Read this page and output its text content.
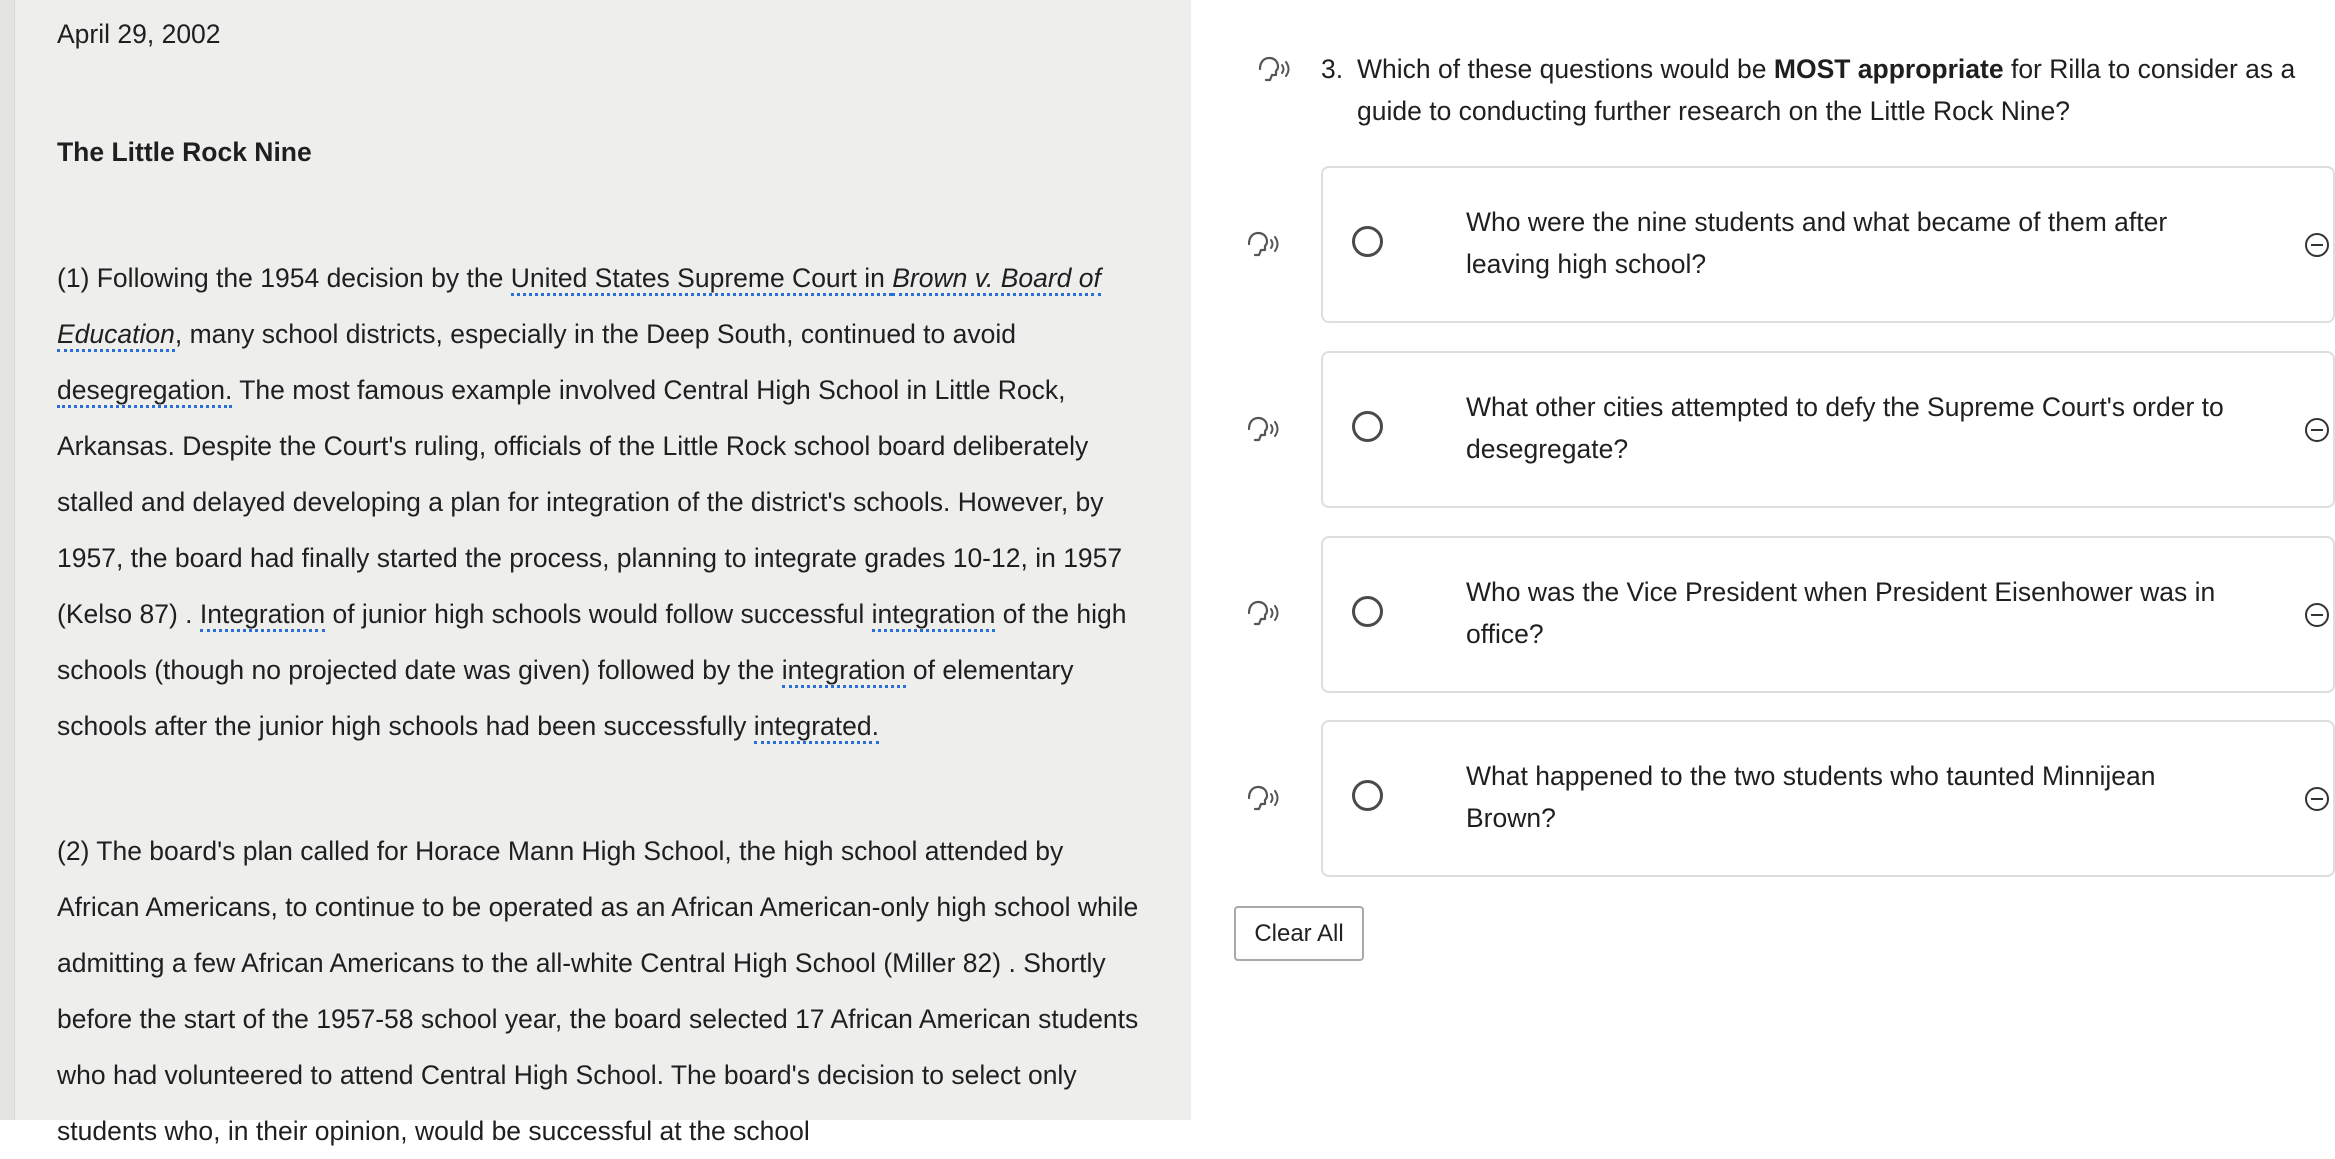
April 29, 2002
The Little Rock Nine
(1) Following the 1954 decision by the United States Supreme Court in Brown v. Board of Education, many school districts, especially in the Deep South, continued to avoid desegregation. The most famous example involved Central High School in Little Rock, Arkansas. Despite the Court's ruling, officials of the Little Rock school board deliberately stalled and delayed developing a plan for integration of the district's schools. However, by 1957, the board had finally started the process, planning to integrate grades 10-12, in 1957 (Kelso 87) . Integration of junior high schools would follow successful integration of the high schools (though no projected date was given) followed by the integration of elementary schools after the junior high schools had been successfully integrated.
(2) The board's plan called for Horace Mann High School, the high school attended by African Americans, to continue to be operated as an African American-only high school while admitting a few African Americans to the all-white Central High School (Miller 82) . Shortly before the start of the 1957-58 school year, the board selected 17 African American students who had volunteered to attend Central High School. The board's decision to select only students who, in their opinion, would be successful at the school
3. Which of these questions would be MOST appropriate for Rilla to consider as a guide to conducting further research on the Little Rock Nine?
Who were the nine students and what became of them after leaving high school?
What other cities attempted to defy the Supreme Court's order to desegregate?
Who was the Vice President when President Eisenhower was in office?
What happened to the two students who taunted Minnijean Brown?
Clear All
